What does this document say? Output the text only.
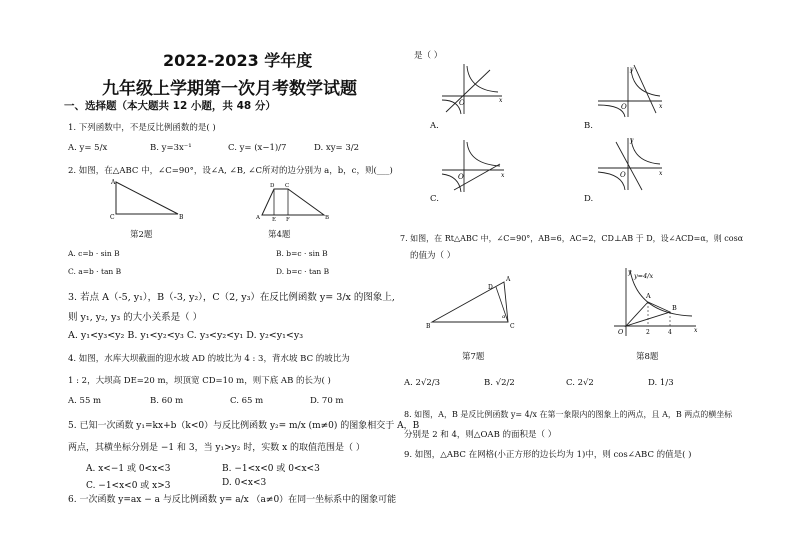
2022-2023 学年度
九年级上学期第一次月考数学试题
一、选择题（本大题共 12 小题，共 48 分）
1. 下列函数中，不是反比例函数的是( )
A. y= 5/x	B. y=3x⁻¹	C. y= (x−1)/7	D. xy= 3/2
2. 如图，在△ABC 中，∠C=90°，设∠A, ∠B, ∠C所对的边分别为 a，b，c，则(___)
A
C	B
D C
A E F	B
第2题	第4题
A. c=b · sin B	B. b=c · sin B
C. a=b · tan B	D. b=c · tan B
3. 若点 A（-5, y₁），B（-3, y₂），C（2, y₃）在反比例函数 y= 3/x 的图象上,
则 y₁, y₂, y₃ 的大小关系是（ ）
A. y₁<y₃<y₂ B. y₁<y₂<y₃ C. y₃<y₂<y₁ D. y₂<y₁<y₃
4. 如图，水库大坝截面的迎水坡 AD 的坡比为 4 : 3，背水坡 BC 的坡比为
1 : 2，大坝高 DE=20 m，坝顶宽 CD=10 m，则下底 AB 的长为( )
A. 55 m	B. 60 m	C. 65 m	D. 70 m
5. 已知一次函数 y₁=kx+b（k<0）与反比例函数 y₂= m/x (m≠0) 的图象相交于 A，B
两点，其横坐标分别是 −1 和 3，当 y₁>y₂ 时，实数 x 的取值范围是（ ）
A. x<−1 或 0<x<3	B. −1<x<0 或 0<x<3
C. −1<x<0 或 x>3	D. 0<x<3
6. 一次函数 y=ax − a 与反比例函数 y= a/x （a≠0）在同一坐标系中的图象可能
是（ ）
O	x
A.
O
y
x
B.
O	x
C.
O
y
x
D.
7. 如图，在 Rt△ABC 中，∠C=90°，AB=6，AC=2，CD⊥AB 于 D，设∠ACD=α，则 cosα
的值为（ ）
B
A
C
D
α
A
B
O	2	4	x
y y=4/x
第7题	第8题
A. 2√2/3	B. √2/2	C. 2√2	D. 1/3
8. 如图，A，B 是反比例函数 y= 4/x 在第一象限内的图象上的两点，且 A，B 两点的横坐标
分别是 2 和 4，则△OAB 的面积是（ ）
9. 如图，△ABC 在网格(小正方形的边长均为 1)中，则 cos∠ABC 的值是( )
